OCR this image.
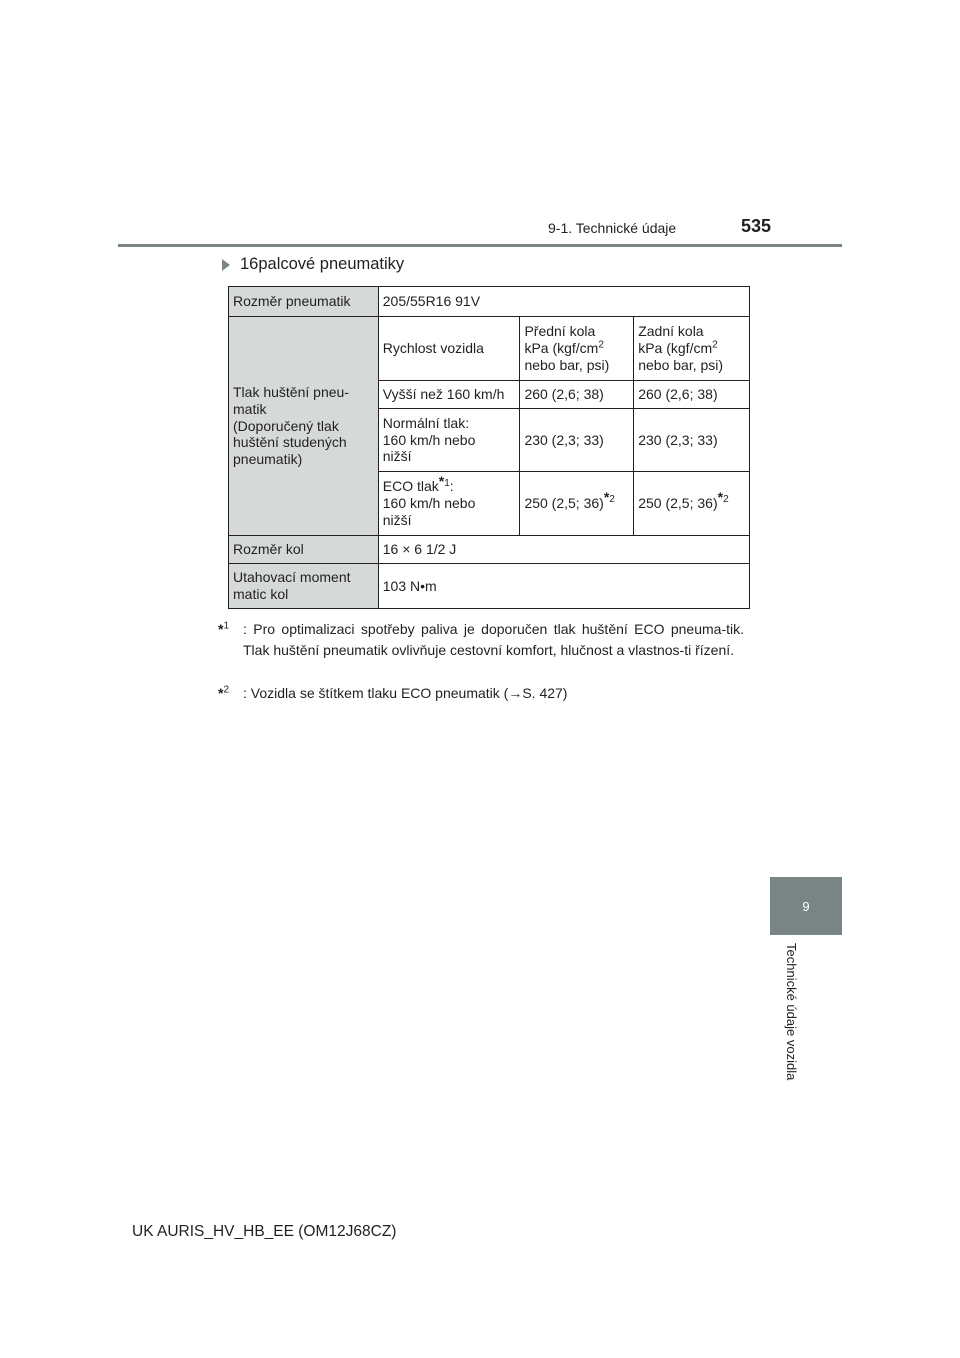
9-1. Technické údaje	535
16palcové pneumatiky
Rozměr pneumatik	205/55R16 91V		
Tlak huštění pneu-
matik
(Doporučený tlak
huštění studených
pneumatik)	Rychlost vozidla	Přední kola
kPa ($kgf/cm^2$
nebo bar, psi)	Zadní kola
kPa ($kgf/cm^2$
nebo bar, psi)
	Vyšší než 160 km/h	260 (2,6; 38)	260 (2,6; 38)
	Normální tlak:
160 km/h nebo
nižší	230 (2,3; 33)	230 (2,3; 33)
	ECO tlak$^{*1}$:
160 km/h nebo
nižší	250 (2,5; 36)$^{*2}$	250 (2,5; 36)$^{*2}$
Rozměr kol	16 × 6 1/2 J		
Utahovací moment
matic kol	103 N•m		
*$^1$ : Pro optimalizaci spotřeby paliva je doporučen tlak huštění ECO pneuma-tik. Tlak huštění pneumatik ovlivňuje cestovní komfort, hlučnost a vlastnos-ti řízení.
*$^2$ : Vozidla se štítkem tlaku ECO pneumatik (→S. 427)
9
Technické údaje vozidla
UK AURIS_HV_HB_EE (OM12J68CZ)
